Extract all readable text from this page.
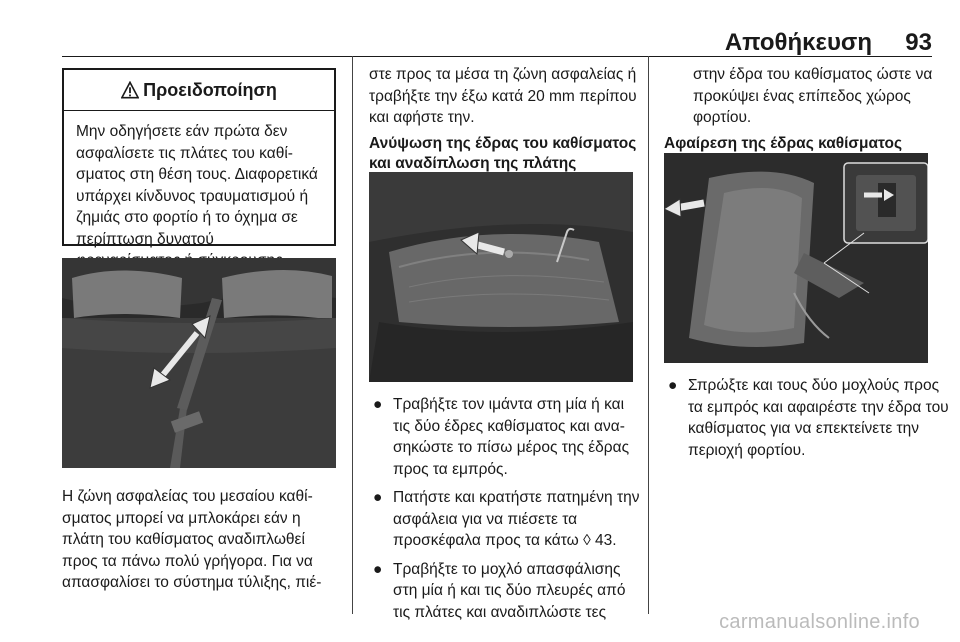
Αποθήκευση 93
Προειδοποίηση
Μην οδηγήσετε εάν πρώτα δεν ασφαλίσετε τις πλάτες του καθίσματος στη θέση τους. Διαφορετικά υπάρχει κίνδυνος τραυματισμού ή ζημιάς στο φορτίο ή το όχημα σε περίπτωση δυνατού
Η ζώνη ασφαλείας του μεσαίου καθίσματος μπορεί να μπλοκάρει εάν η πλάτη του καθίσματος αναδιπλωθεί προς τα πάνω πολύ γρήγορα. Για να απασφαλίσει το σύστημα τύλιξης, πιέ-
στε προς τα μέσα τη ζώνη ασφαλείας ή τραβήξτε την έξω κατά 20 mm περίπου και αφήστε την.
Ανύψωση της έδρας του καθίσματος και αναδίπλωση της πλάτης
● Τραβήξτε τον ιμάντα στη μία ή και τις δύο έδρες καθίσματος και ανασηκώστε το πίσω μέρος της έδρας προς τα εμπρός.
● Πατήστε και κρατήστε πατημένη την ασφάλεια για να πιέσετε τα προσκέφαλα προς τα κάτω ◊ 43.
● Τραβήξτε το μοχλό απασφάλισης στη μία ή και τις δύο πλευρές από τις πλάτες και αναδιπλώστε τες
στην έδρα του καθίσματος ώστε να προκύψει ένας επίπεδος χώρος φορτίου.
Αφαίρεση της έδρας καθίσματος
● Σπρώξτε και τους δύο μοχλούς προς τα εμπρός και αφαιρέστε την έδρα του καθίσματος για να επεκτείνετε την περιοχή φορτίου.
carmanualsonline.info
